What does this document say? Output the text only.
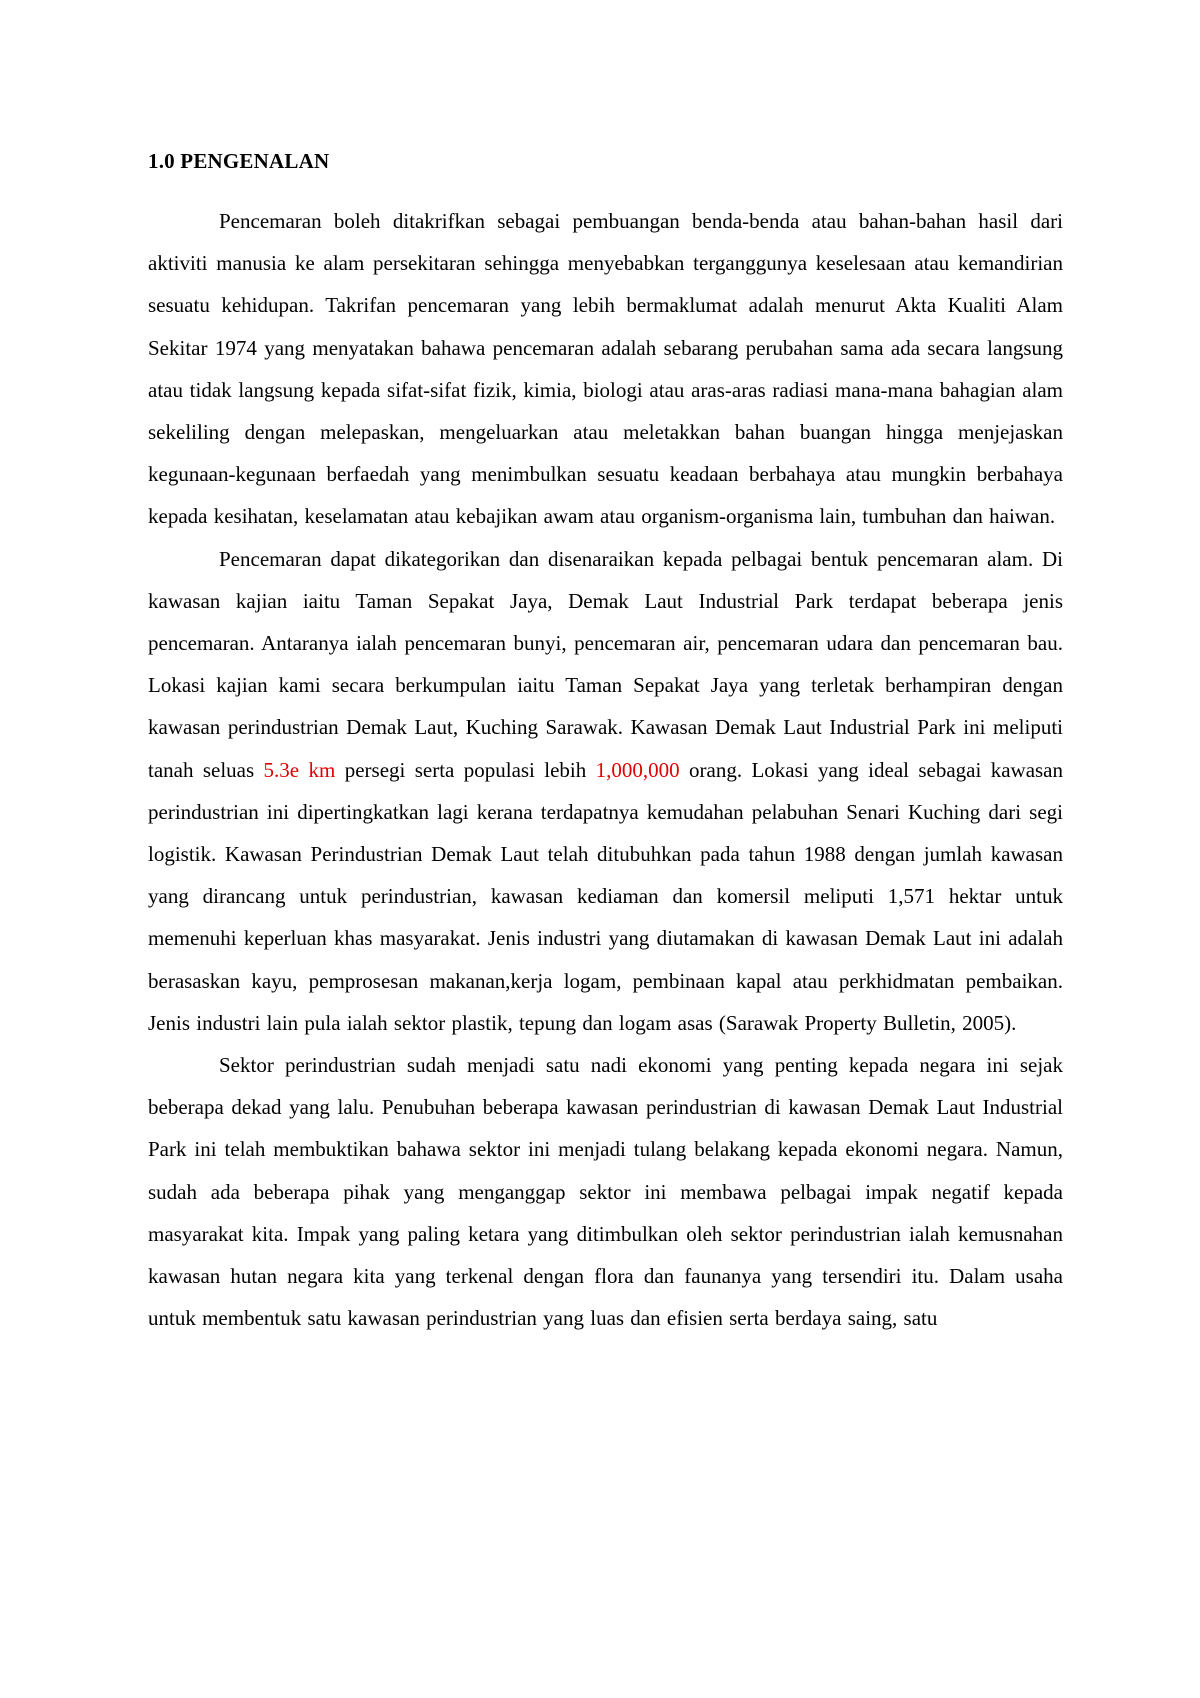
1.0 PENGENALAN

Pencemaran boleh ditakrifkan sebagai pembuangan benda-benda atau bahan-bahan hasil dari aktiviti manusia ke alam persekitaran sehingga menyebabkan terganggunya keselesaan atau kemandirian sesuatu kehidupan. Takrifan pencemaran yang lebih bermaklumat adalah menurut Akta Kualiti Alam Sekitar 1974 yang menyatakan bahawa pencemaran adalah sebarang perubahan sama ada secara langsung atau tidak langsung kepada sifat-sifat fizik, kimia, biologi atau aras-aras radiasi mana-mana bahagian alam sekeliling dengan melepaskan, mengeluarkan atau meletakkan bahan buangan hingga menjejaskan kegunaan-kegunaan berfaedah yang menimbulkan sesuatu keadaan berbahaya atau mungkin berbahaya kepada kesihatan, keselamatan atau kebajikan awam atau organism-organisma lain, tumbuhan dan haiwan.

Pencemaran dapat dikategorikan dan disenaraikan kepada pelbagai bentuk pencemaran alam. Di kawasan kajian iaitu Taman Sepakat Jaya, Demak Laut Industrial Park terdapat beberapa jenis pencemaran. Antaranya ialah pencemaran bunyi, pencemaran air, pencemaran udara dan pencemaran bau. Lokasi kajian kami secara berkumpulan iaitu Taman Sepakat Jaya yang terletak berhampiran dengan kawasan perindustrian Demak Laut, Kuching Sarawak. Kawasan Demak Laut Industrial Park ini meliputi tanah seluas 5.3e km persegi serta populasi lebih 1,000,000 orang. Lokasi yang ideal sebagai kawasan perindustrian ini dipertingkatkan lagi kerana terdapatnya kemudahan pelabuhan Senari Kuching dari segi logistik. Kawasan Perindustrian Demak Laut telah ditubuhkan pada tahun 1988 dengan jumlah kawasan yang dirancang untuk perindustrian, kawasan kediaman dan komersil meliputi 1,571 hektar untuk memenuhi keperluan khas masyarakat. Jenis industri yang diutamakan di kawasan Demak Laut ini adalah berasaskan kayu, pemprosesan makanan,kerja logam, pembinaan kapal atau perkhidmatan pembaikan. Jenis industri lain pula ialah sektor plastik, tepung dan logam asas (Sarawak Property Bulletin, 2005).

Sektor perindustrian sudah menjadi satu nadi ekonomi yang penting kepada negara ini sejak beberapa dekad yang lalu. Penubuhan beberapa kawasan perindustrian di kawasan Demak Laut Industrial Park ini telah membuktikan bahawa sektor ini menjadi tulang belakang kepada ekonomi negara. Namun, sudah ada beberapa pihak yang menganggap sektor ini membawa pelbagai impak negatif kepada masyarakat kita. Impak yang paling ketara yang ditimbulkan oleh sektor perindustrian ialah kemusnahan kawasan hutan negara kita yang terkenal dengan flora dan faunanya yang tersendiri itu. Dalam usaha untuk membentuk satu kawasan perindustrian yang luas dan efisien serta berdaya saing, satu
